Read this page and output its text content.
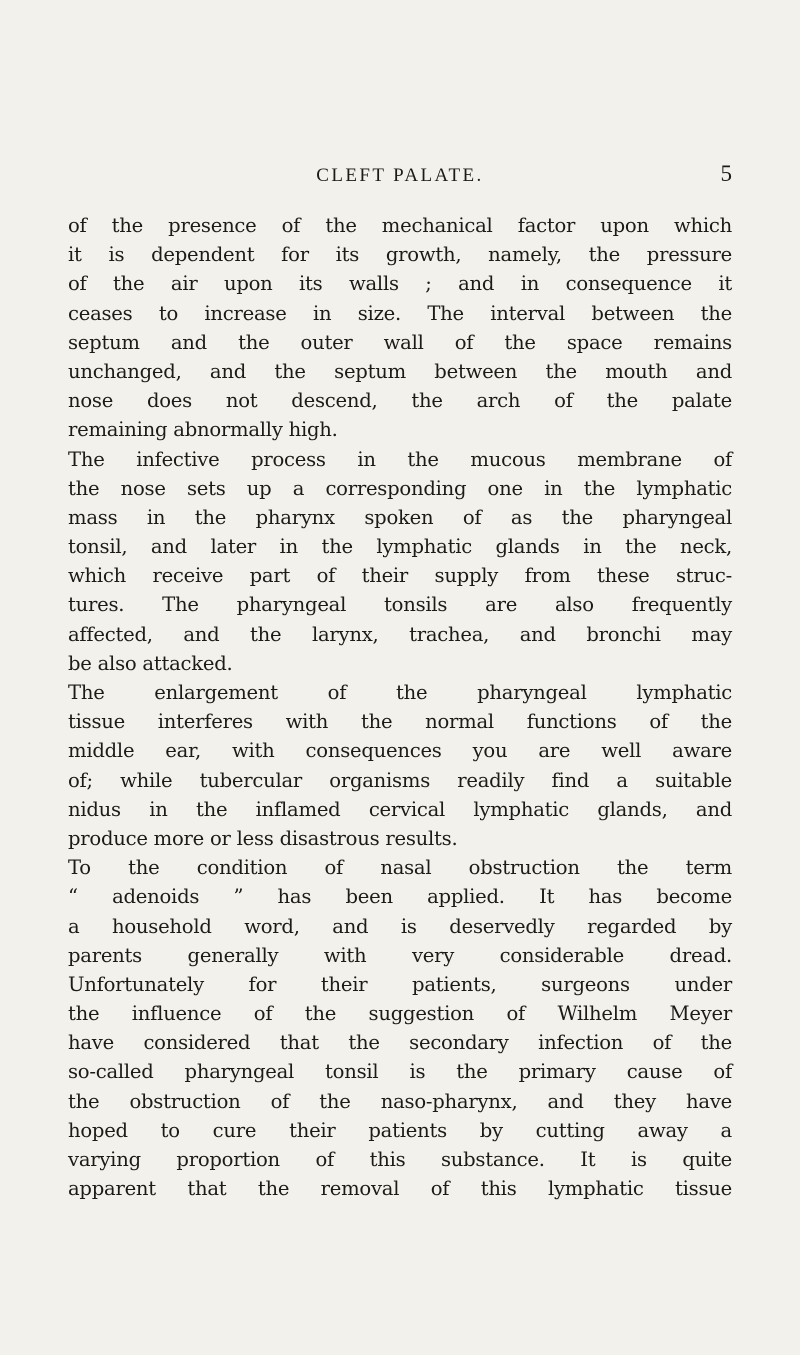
CLEFT PALATE.	5
of the presence of the mechanical factor upon which
it is dependent for its growth, namely, the pressure
of the air upon its walls ; and in consequence it
ceases to increase in size. The interval between the
septum and the outer wall of the space remains
unchanged, and the septum between the mouth and
nose does not descend, the arch of the palate
remaining abnormally high.
The infective process in the mucous membrane of
the nose sets up a corresponding one in the lymphatic
mass in the pharynx spoken of as the pharyngeal
tonsil, and later in the lymphatic glands in the neck,
which receive part of their supply from these struc-
tures. The pharyngeal tonsils are also frequently
affected, and the larynx, trachea, and bronchi may
be also attacked.
The enlargement of the pharyngeal lymphatic
tissue interferes with the normal functions of the
middle ear, with consequences you are well aware
of; while tubercular organisms readily find a suitable
nidus in the inflamed cervical lymphatic glands, and
produce more or less disastrous results.
To the condition of nasal obstruction the term
“ adenoids ” has been applied. It has become
a household word, and is deservedly regarded by
parents generally with very considerable dread.
Unfortunately for their patients, surgeons under
the influence of the suggestion of Wilhelm Meyer
have considered that the secondary infection of the
so-called pharyngeal tonsil is the primary cause of
the obstruction of the naso-pharynx, and they have
hoped to cure their patients by cutting away a
varying proportion of this substance. It is quite
apparent that the removal of this lymphatic tissue
